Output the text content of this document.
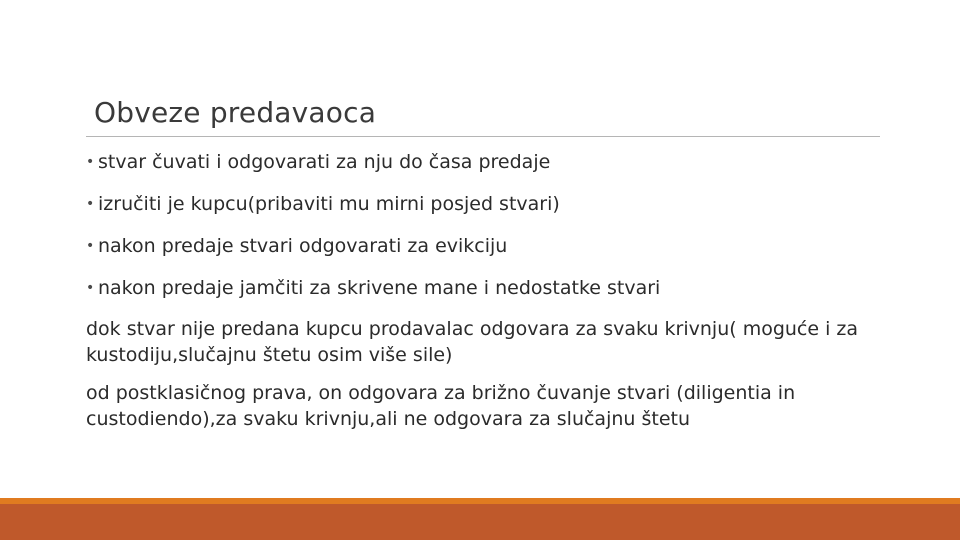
Obveze predavaoca
• stvar čuvati i odgovarati za nju do časa predaje
• izručiti je kupcu(pribaviti mu mirni posjed stvari)
• nakon predaje stvari odgovarati za evikciju
• nakon predaje jamčiti za skrivene mane i nedostatke stvari
dok stvar nije predana kupcu prodavalac odgovara za svaku krivnju( moguće i za kustodiju,slučajnu štetu osim više sile)
od postklasičnog prava, on odgovara za brižno čuvanje stvari (diligentia in custodiendo),za svaku krivnju,ali ne odgovara za slučajnu štetu
